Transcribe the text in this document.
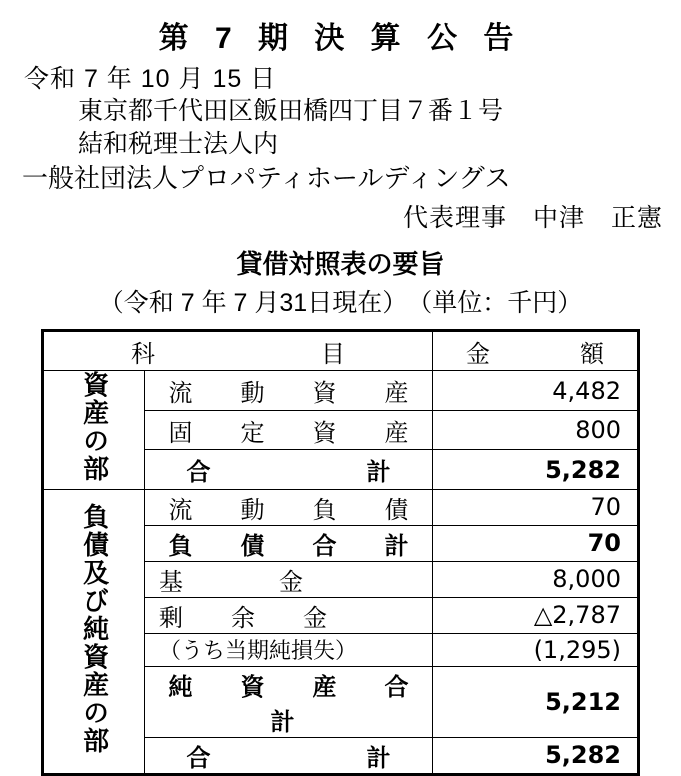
第 7 期 決 算 公 告
令和 7 年 10 月 15 日
東京都千代田区飯田橋四丁目７番１号
結和税理士法人内
一般社団法人プロパティホールディングス
代表理事　中津　正憲
貸借対照表の要旨
（令和 7 年 7 月31日現在）　（単位：千円）
科　　　　目		金　　額
資産の部	流　動　資　産	4,482
	固　定　資　産	800
	合　　　　計	5,282
負債及び純資産の部	流　動　負　債	70
	負　債　合　計	70
	基　　　　金	8,000
	剰　　余　　金	△2,787
	（うち当期純損失）	(1,295)
	純　資　産　合　計	5,212
	合　　　　計	5,282
